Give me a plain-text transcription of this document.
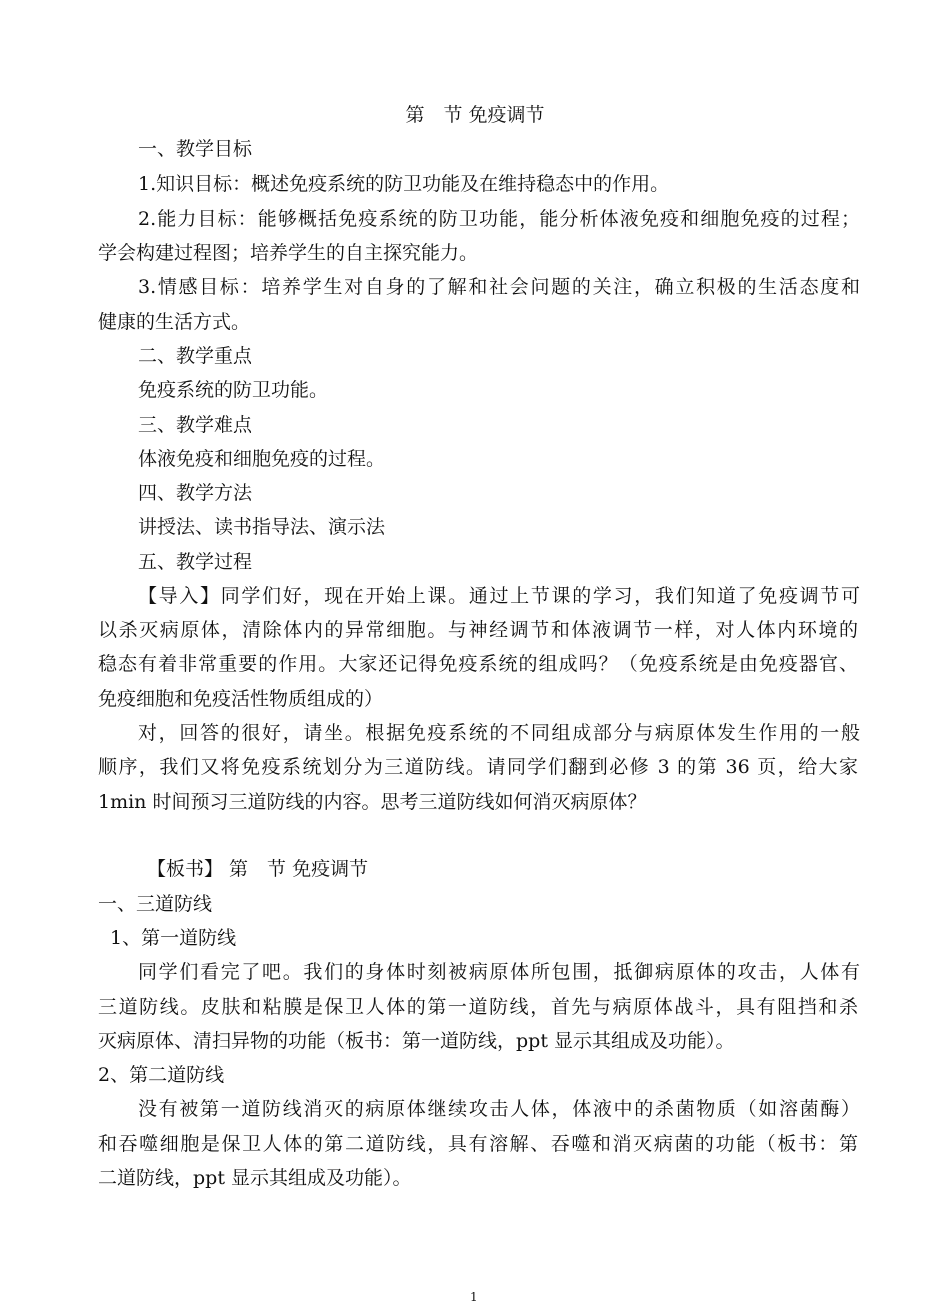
第　节 免疫调节
一、教学目标
1.知识目标：概述免疫系统的防卫功能及在维持稳态中的作用。
2.能力目标：能够概括免疫系统的防卫功能，能分析体液免疫和细胞免疫的过程；
学会构建过程图；培养学生的自主探究能力。
3.情感目标：培养学生对自身的了解和社会问题的关注，确立积极的生活态度和
健康的生活方式。
二、教学重点
免疫系统的防卫功能。
三、教学难点
体液免疫和细胞免疫的过程。
四、教学方法
讲授法、读书指导法、演示法
五、教学过程
【导入】同学们好，现在开始上课。通过上节课的学习，我们知道了免疫调节可
以杀灭病原体，清除体内的异常细胞。与神经调节和体液调节一样，对人体内环境的
稳态有着非常重要的作用。大家还记得免疫系统的组成吗？（免疫系统是由免疫器官、
免疫细胞和免疫活性物质组成的）
对，回答的很好，请坐。根据免疫系统的不同组成部分与病原体发生作用的一般
顺序，我们又将免疫系统划分为三道防线。请同学们翻到必修 3 的第 36 页，给大家
1min 时间预习三道防线的内容。思考三道防线如何消灭病原体？
【板书】 第　节 免疫调节
一、三道防线
1、第一道防线
同学们看完了吧。我们的身体时刻被病原体所包围，抵御病原体的攻击，人体有
三道防线。皮肤和粘膜是保卫人体的第一道防线，首先与病原体战斗，具有阻挡和杀
灭病原体、清扫异物的功能（板书：第一道防线，ppt 显示其组成及功能）。
2、第二道防线
没有被第一道防线消灭的病原体继续攻击人体，体液中的杀菌物质（如溶菌酶）
和吞噬细胞是保卫人体的第二道防线，具有溶解、吞噬和消灭病菌的功能（板书：第
二道防线，ppt 显示其组成及功能）。
1
